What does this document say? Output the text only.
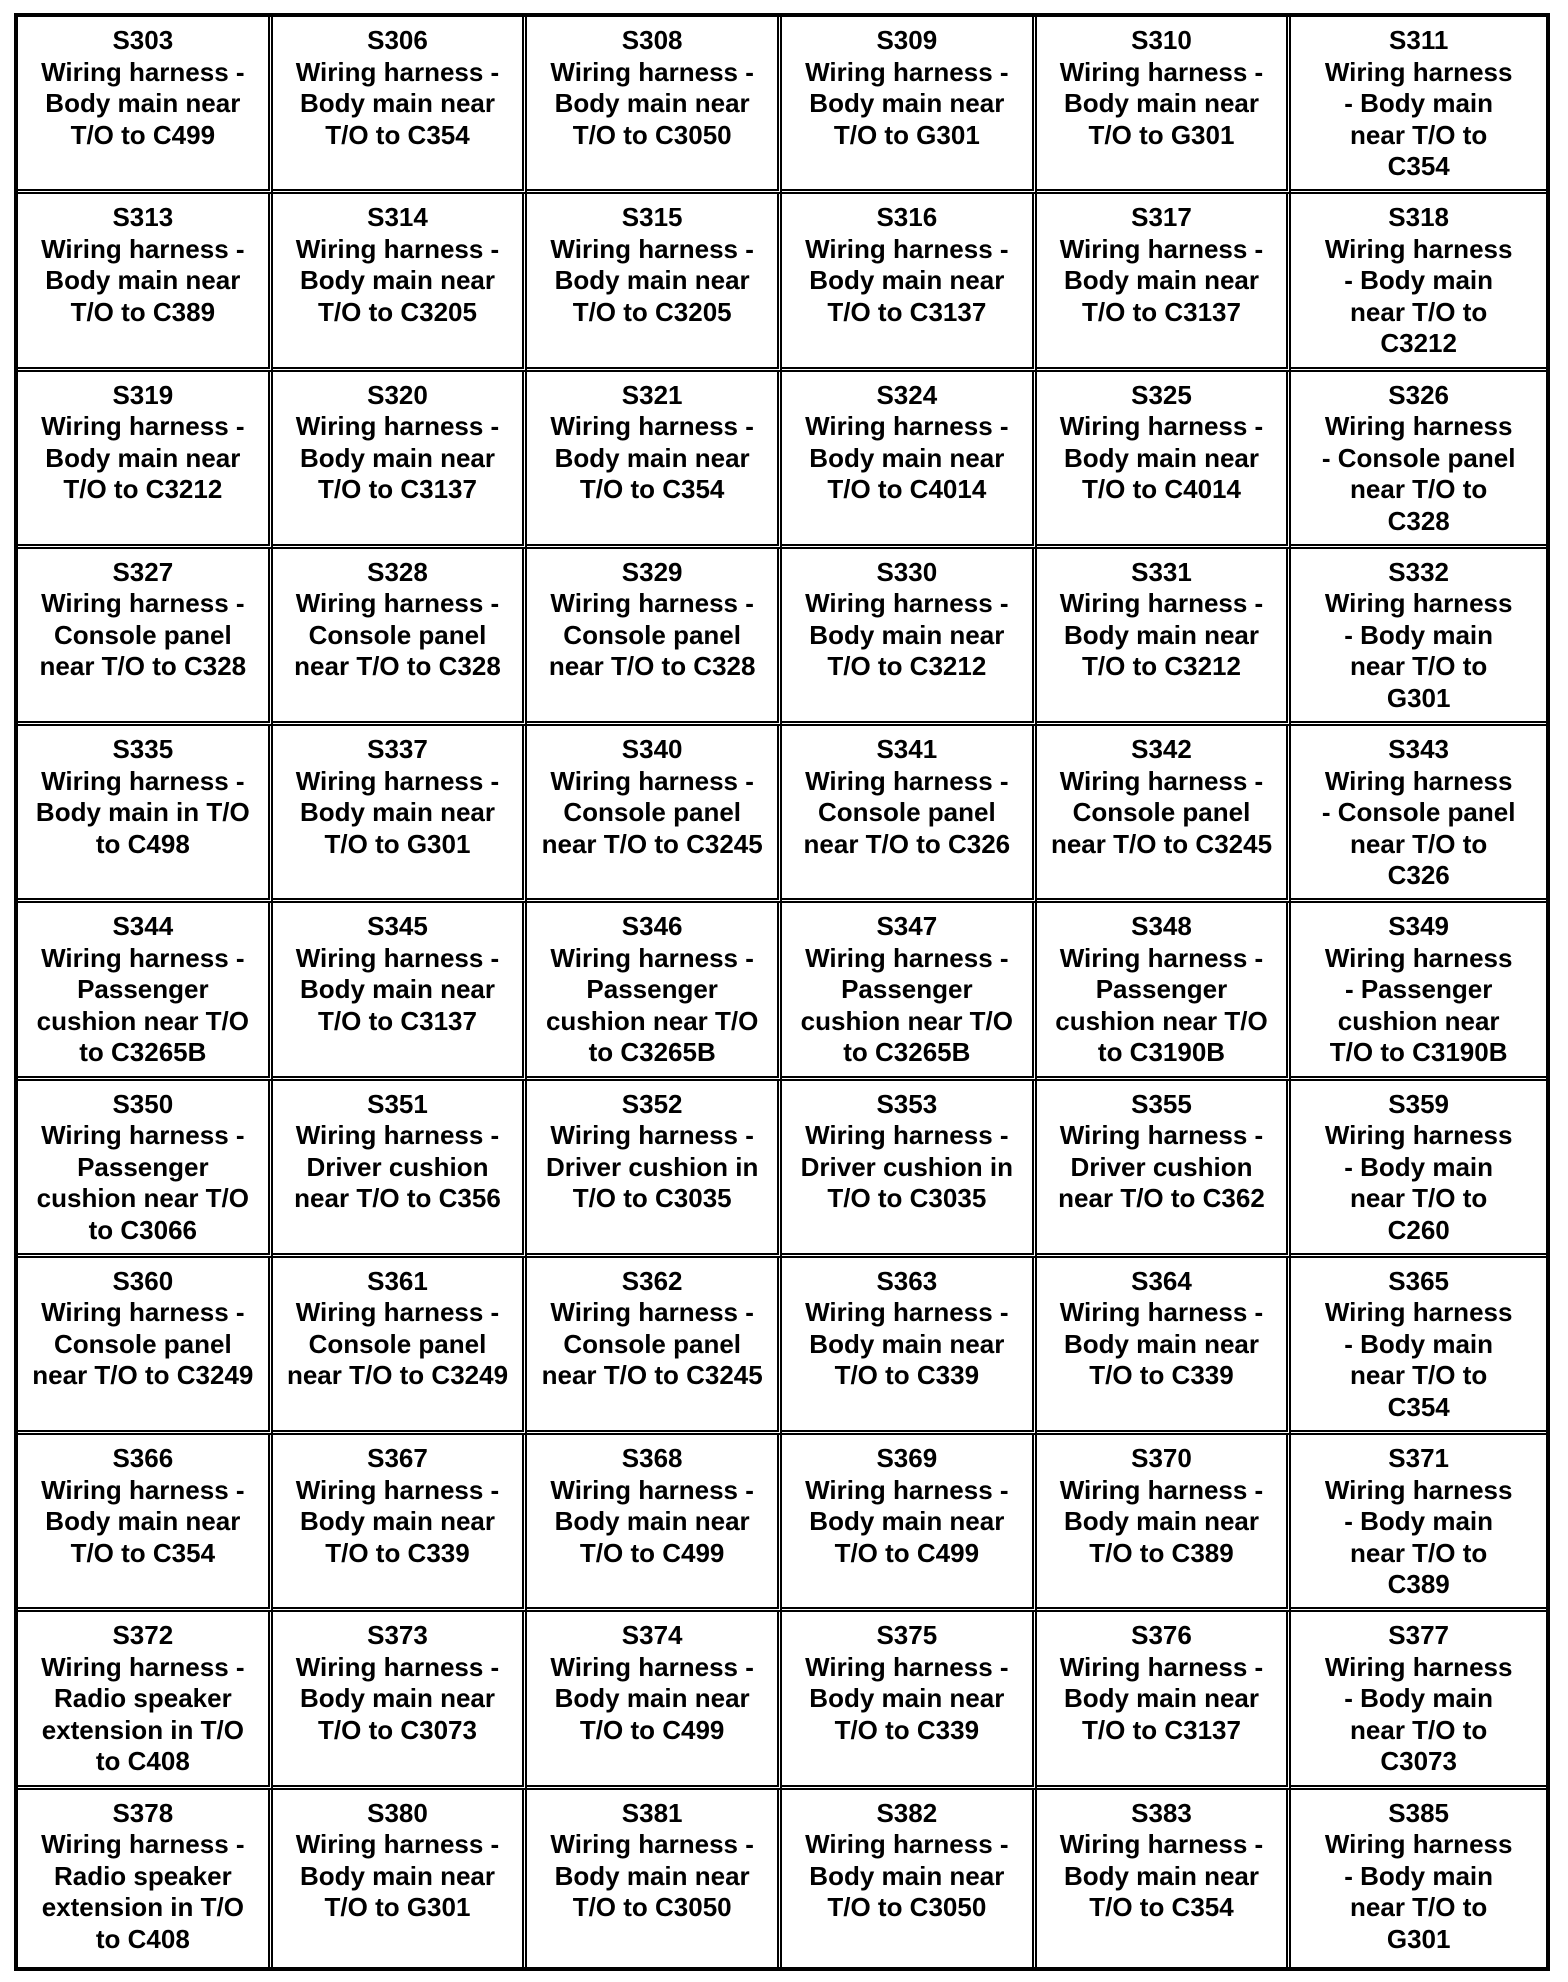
S303
Wiring harness -
Body main near
T/O to C499
S306
Wiring harness -
Body main near
T/O to C354
S308
Wiring harness -
Body main near
T/O to C3050
S309
Wiring harness -
Body main near
T/O to G301
S310
Wiring harness -
Body main near
T/O to G301
S311
Wiring harness
- Body main
near T/O to
C354
S313
Wiring harness -
Body main near
T/O to C389
S314
Wiring harness -
Body main near
T/O to C3205
S315
Wiring harness -
Body main near
T/O to C3205
S316
Wiring harness -
Body main near
T/O to C3137
S317
Wiring harness -
Body main near
T/O to C3137
S318
Wiring harness
- Body main
near T/O to
C3212
S319
Wiring harness -
Body main near
T/O to C3212
S320
Wiring harness -
Body main near
T/O to C3137
S321
Wiring harness -
Body main near
T/O to C354
S324
Wiring harness -
Body main near
T/O to C4014
S325
Wiring harness -
Body main near
T/O to C4014
S326
Wiring harness
- Console panel
near T/O to
C328
S327
Wiring harness -
Console panel
near T/O to C328
S328
Wiring harness -
Console panel
near T/O to C328
S329
Wiring harness -
Console panel
near T/O to C328
S330
Wiring harness -
Body main near
T/O to C3212
S331
Wiring harness -
Body main near
T/O to C3212
S332
Wiring harness
- Body main
near T/O to
G301
S335
Wiring harness -
Body main in T/O
to C498
S337
Wiring harness -
Body main near
T/O to G301
S340
Wiring harness -
Console panel
near T/O to C3245
S341
Wiring harness -
Console panel
near T/O to C326
S342
Wiring harness -
Console panel
near T/O to C3245
S343
Wiring harness
- Console panel
near T/O to
C326
S344
Wiring harness -
Passenger
cushion near T/O
to C3265B
S345
Wiring harness -
Body main near
T/O to C3137
S346
Wiring harness -
Passenger
cushion near T/O
to C3265B
S347
Wiring harness -
Passenger
cushion near T/O
to C3265B
S348
Wiring harness -
Passenger
cushion near T/O
to C3190B
S349
Wiring harness
- Passenger
cushion near
T/O to C3190B
S350
Wiring harness -
Passenger
cushion near T/O
to C3066
S351
Wiring harness -
Driver cushion
near T/O to C356
S352
Wiring harness -
Driver cushion in
T/O to C3035
S353
Wiring harness -
Driver cushion in
T/O to C3035
S355
Wiring harness -
Driver cushion
near T/O to C362
S359
Wiring harness
- Body main
near T/O to
C260
S360
Wiring harness -
Console panel
near T/O to C3249
S361
Wiring harness -
Console panel
near T/O to C3249
S362
Wiring harness -
Console panel
near T/O to C3245
S363
Wiring harness -
Body main near
T/O to C339
S364
Wiring harness -
Body main near
T/O to C339
S365
Wiring harness
- Body main
near T/O to
C354
S366
Wiring harness -
Body main near
T/O to C354
S367
Wiring harness -
Body main near
T/O to C339
S368
Wiring harness -
Body main near
T/O to C499
S369
Wiring harness -
Body main near
T/O to C499
S370
Wiring harness -
Body main near
T/O to C389
S371
Wiring harness
- Body main
near T/O to
C389
S372
Wiring harness -
Radio speaker
extension in T/O
to C408
S373
Wiring harness -
Body main near
T/O to C3073
S374
Wiring harness -
Body main near
T/O to C499
S375
Wiring harness -
Body main near
T/O to C339
S376
Wiring harness -
Body main near
T/O to C3137
S377
Wiring harness
- Body main
near T/O to
C3073
S378
Wiring harness -
Radio speaker
extension in T/O
to C408
S380
Wiring harness -
Body main near
T/O to G301
S381
Wiring harness -
Body main near
T/O to C3050
S382
Wiring harness -
Body main near
T/O to C3050
S383
Wiring harness -
Body main near
T/O to C354
S385
Wiring harness
- Body main
near T/O to
G301
